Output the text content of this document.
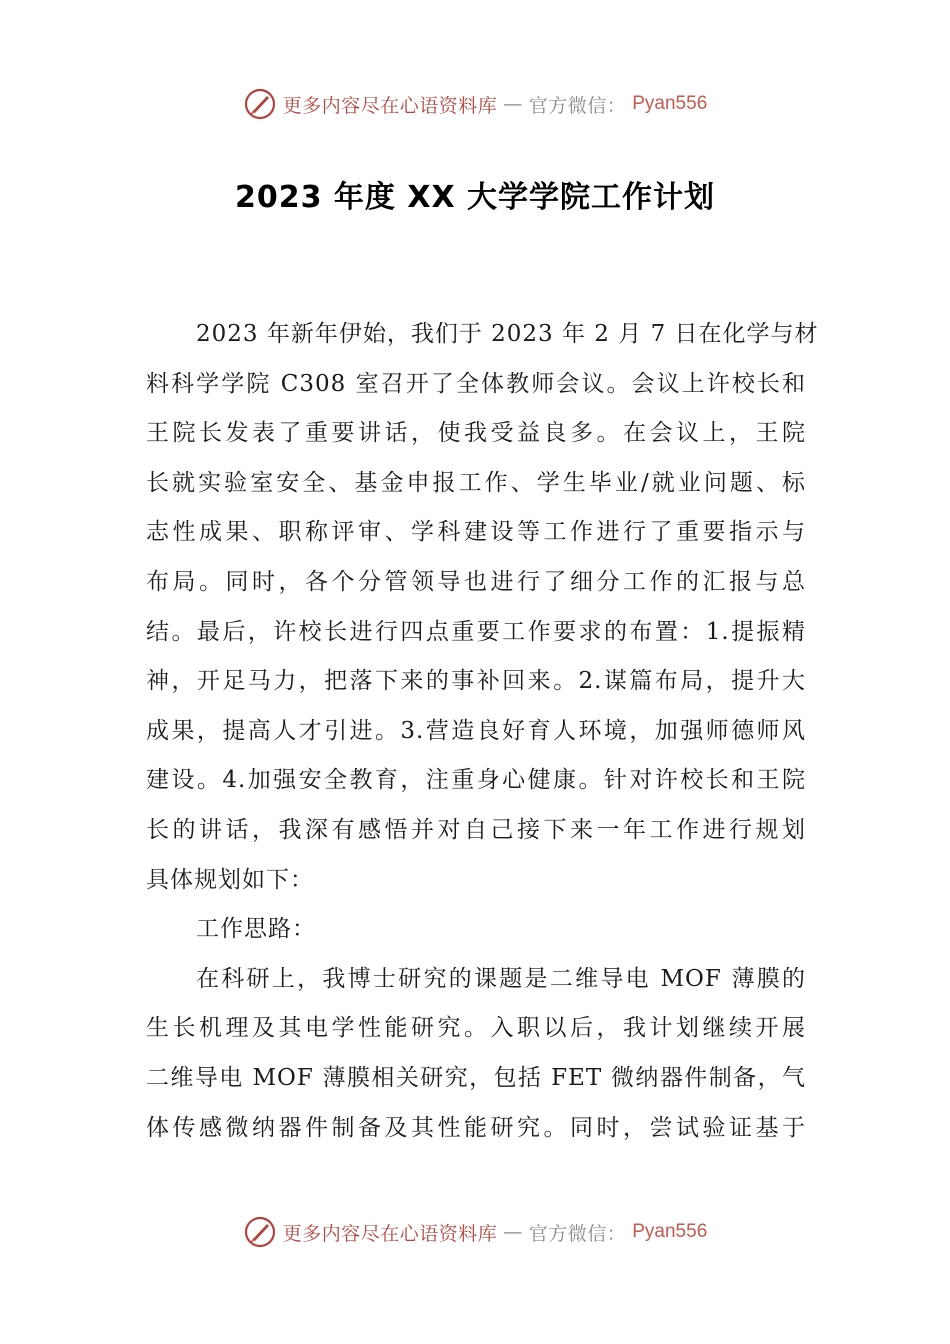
更多内容尽在心语资料库 — 官方微信： Pyan556
2023 年度 XX 大学学院工作计划
2023 年新年伊始，我们于 2023 年 2 月 7 日在化学与材
料科学学院 C308 室召开了全体教师会议。会议上许校长和
王院长发表了重要讲话，使我受益良多。在会议上，王院
长就实验室安全、基金申报工作、学生毕业/就业问题、标
志性成果、职称评审、学科建设等工作进行了重要指示与
布局。同时，各个分管领导也进行了细分工作的汇报与总
结。最后，许校长进行四点重要工作要求的布置：1.提振精
神，开足马力，把落下来的事补回来。2.谋篇布局，提升大
成果，提高人才引进。3.营造良好育人环境，加强师德师风
建设。4.加强安全教育，注重身心健康。针对许校长和王院
长的讲话，我深有感悟并对自己接下来一年工作进行规划
具体规划如下：
工作思路：
在科研上，我博士研究的课题是二维导电 MOF 薄膜的
生长机理及其电学性能研究。入职以后，我计划继续开展
二维导电 MOF 薄膜相关研究，包括 FET 微纳器件制备，气
体传感微纳器件制备及其性能研究。同时，尝试验证基于
更多内容尽在心语资料库 — 官方微信： Pyan556
